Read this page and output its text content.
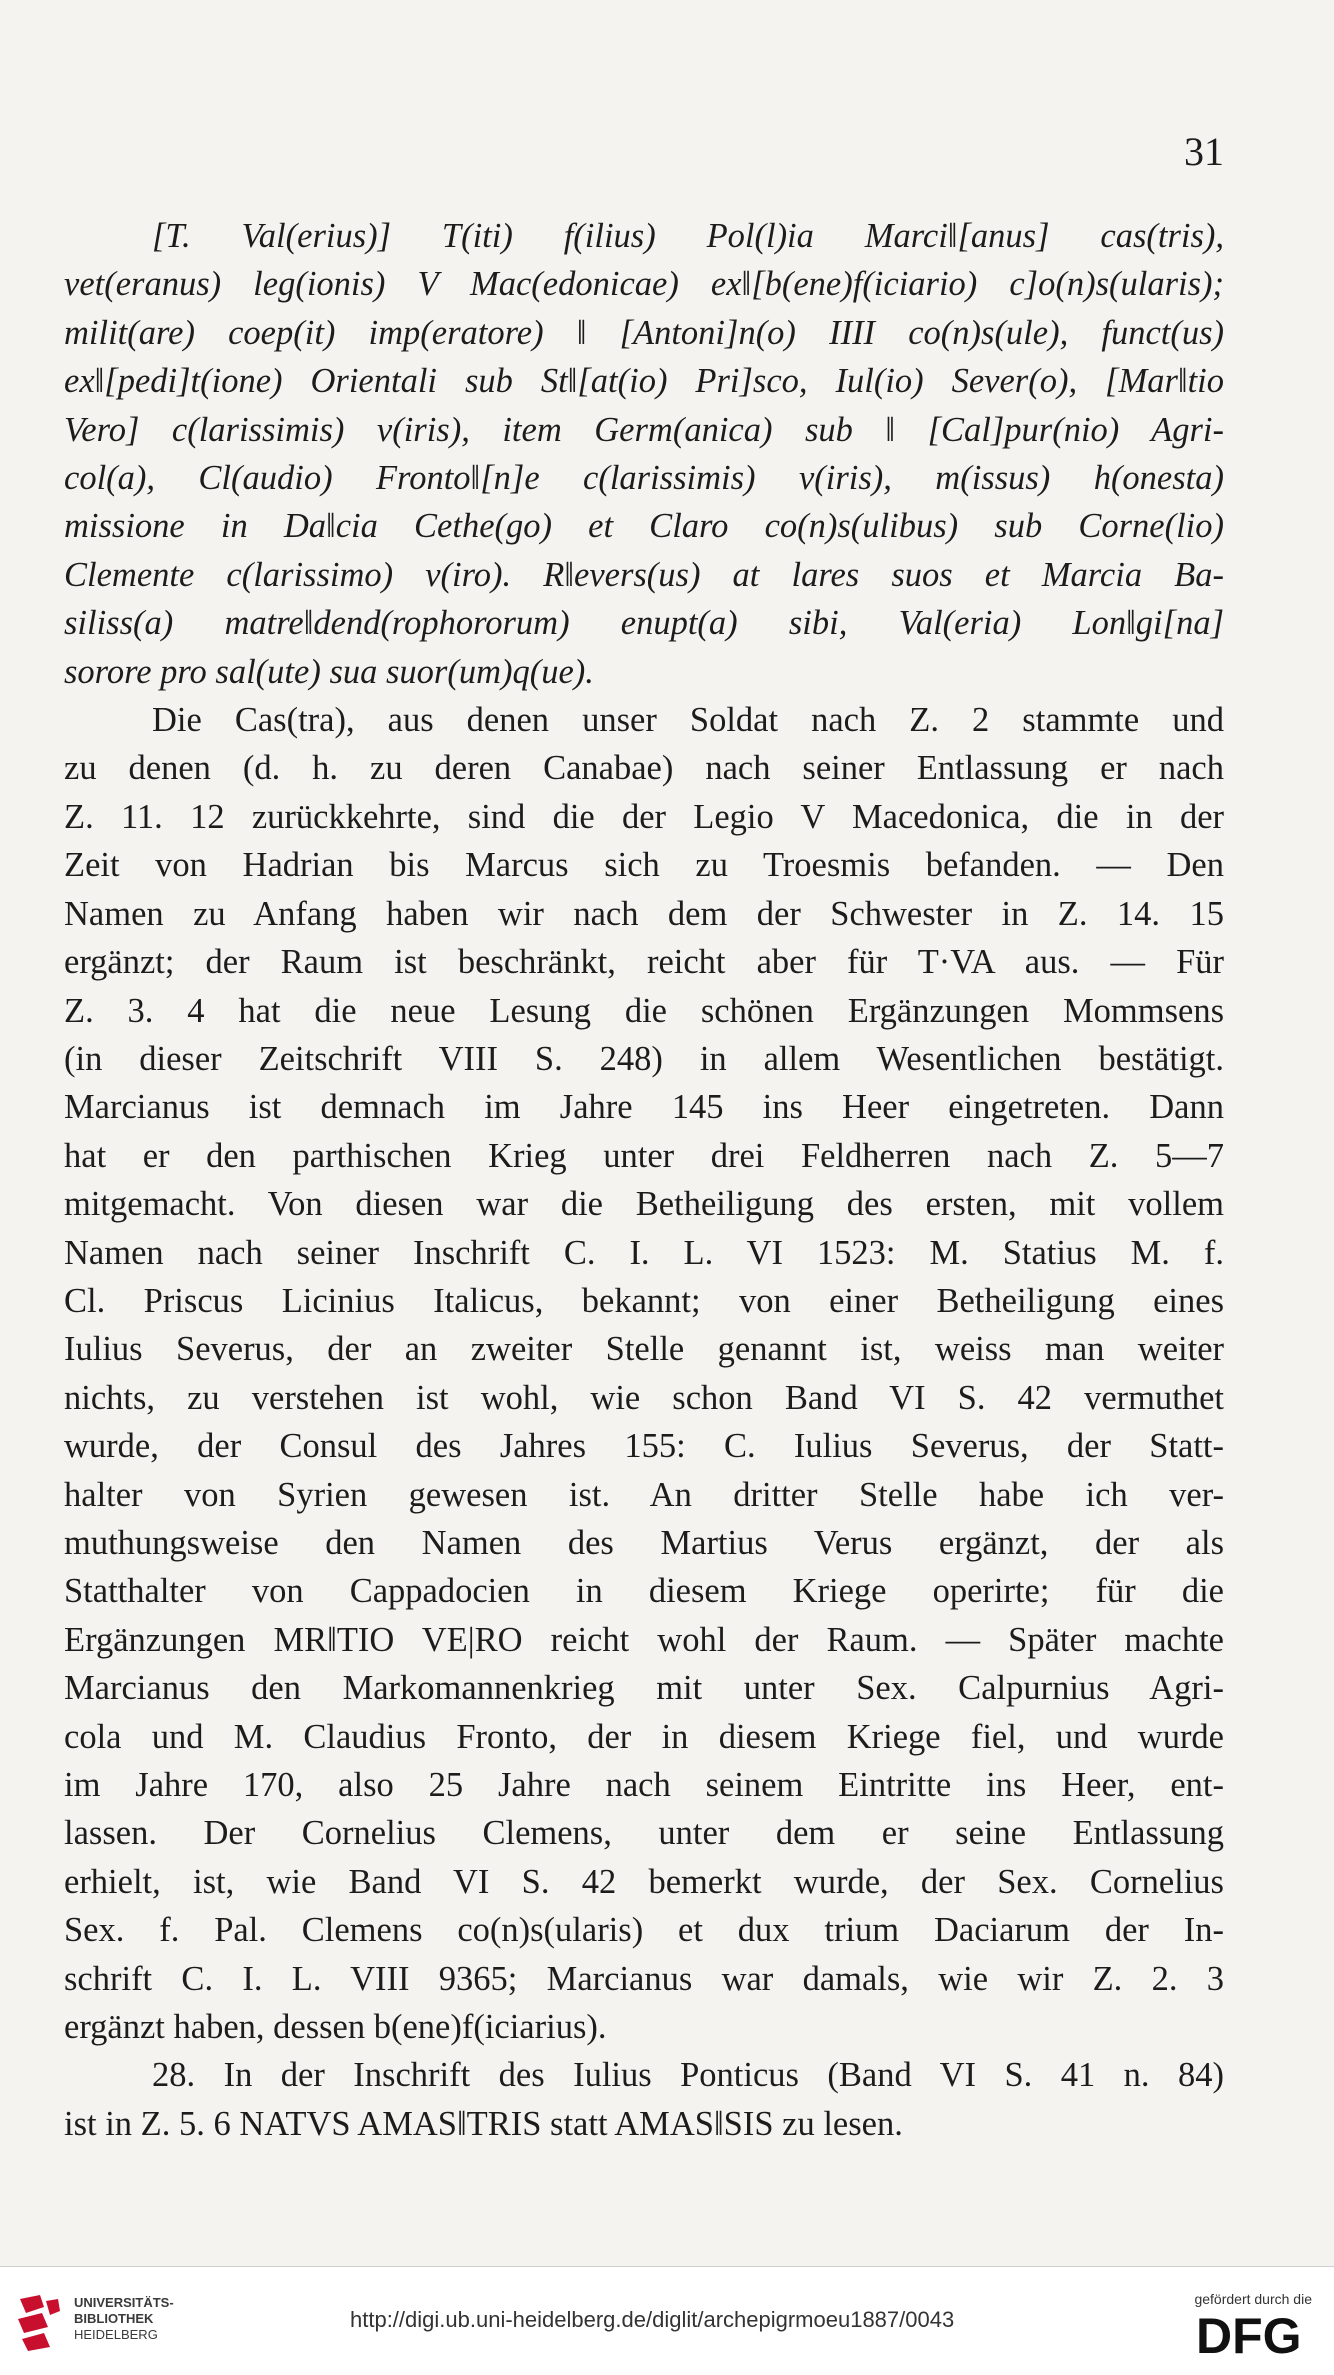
31
[T. Val(erius)] T(iti) f(ilius) Pol(l)ia Marci‖[anus] cas(tris),
vet(eranus) leg(ionis) V Mac(edonicae) ex‖[b(ene)f(iciario) c]o(n)s(ularis);
milit(are) coep(it) imp(eratore) ‖ [Antoni]n(o) IIII co(n)s(ule), funct(us)
ex‖[pedi]t(ione) Orientali sub St‖[at(io) Pri]sco, Iul(io) Sever(o), [Mar‖tio
Vero] c(larissimis) v(iris), item Germ(anica) sub ‖ [Cal]pur(nio) Agri-
col(a), Cl(audio) Fronto‖[n]e c(larissimis) v(iris), m(issus) h(onesta)
missione in Da‖cia Cethe(go) et Claro co(n)s(ulibus) sub Corne(lio)
Clemente c(larissimo) v(iro). R‖evers(us) at lares suos et Marcia Ba-
siliss(a) matre‖dend(rophororum) enupt(a) sibi, Val(eria) Lon‖gi[na]
sorore pro sal(ute) sua suor(um)q(ue).
Die Cas(tra), aus denen unser Soldat nach Z. 2 stammte und
zu denen (d. h. zu deren Canabae) nach seiner Entlassung er nach
Z. 11. 12 zurückkehrte, sind die der Legio V Macedonica, die in der
Zeit von Hadrian bis Marcus sich zu Troesmis befanden. — Den
Namen zu Anfang haben wir nach dem der Schwester in Z. 14. 15
ergänzt; der Raum ist beschränkt, reicht aber für T·VA aus. — Für
Z. 3. 4 hat die neue Lesung die schönen Ergänzungen Mommsens
(in dieser Zeitschrift VIII S. 248) in allem Wesentlichen bestätigt.
Marcianus ist demnach im Jahre 145 ins Heer eingetreten. Dann
hat er den parthischen Krieg unter drei Feldherren nach Z. 5—7
mitgemacht. Von diesen war die Betheiligung des ersten, mit vollem
Namen nach seiner Inschrift C. I. L. VI 1523: M. Statius M. f.
Cl. Priscus Licinius Italicus, bekannt; von einer Betheiligung eines
Iulius Severus, der an zweiter Stelle genannt ist, weiss man weiter
nichts, zu verstehen ist wohl, wie schon Band VI S. 42 vermuthet
wurde, der Consul des Jahres 155: C. Iulius Severus, der Statt-
halter von Syrien gewesen ist. An dritter Stelle habe ich ver-
muthungsweise den Namen des Martius Verus ergänzt, der als
Statthalter von Cappadocien in diesem Kriege operirte; für die
Ergänzungen MR‖TIO VE|RO reicht wohl der Raum. — Später machte
Marcianus den Markomannenkrieg mit unter Sex. Calpurnius Agri-
cola und M. Claudius Fronto, der in diesem Kriege fiel, und wurde
im Jahre 170, also 25 Jahre nach seinem Eintritte ins Heer, ent-
lassen. Der Cornelius Clemens, unter dem er seine Entlassung
erhielt, ist, wie Band VI S. 42 bemerkt wurde, der Sex. Cornelius
Sex. f. Pal. Clemens co(n)s(ularis) et dux trium Daciarum der In-
schrift C. I. L. VIII 9365; Marcianus war damals, wie wir Z. 2. 3
ergänzt haben, dessen b(ene)f(iciarius).
28. In der Inschrift des Iulius Ponticus (Band VI S. 41 n. 84)
ist in Z. 5. 6 NATVS AMAS‖TRIS statt AMAS‖SIS zu lesen.
UNIVERSITÄTS-
BIBLIOTHEK
HEIDELBERG
http://digi.ub.uni-heidelberg.de/diglit/archepigrmoeu1887/0043
gefördert durch die
DFG
